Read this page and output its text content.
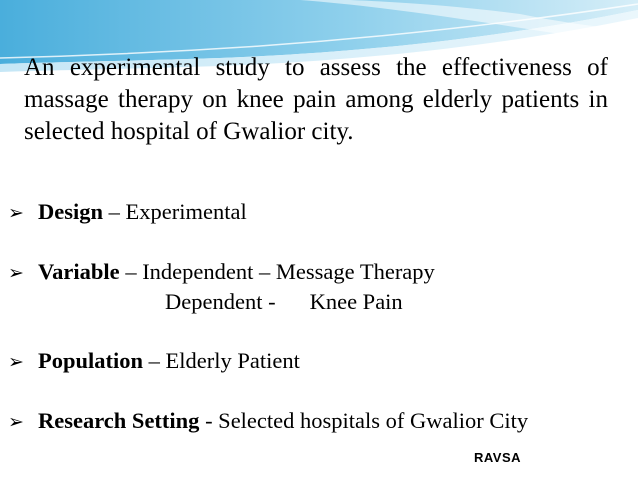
An experimental study to assess the effectiveness of massage therapy on knee pain among elderly patients in selected hospital of Gwalior city.

➢ Design – Experimental
➢ Variable – Independent – Message Therapy
Dependent - Knee Pain
➢ Population – Elderly Patient
➢ Research Setting - Selected hospitals of Gwalior City
RAVSA
